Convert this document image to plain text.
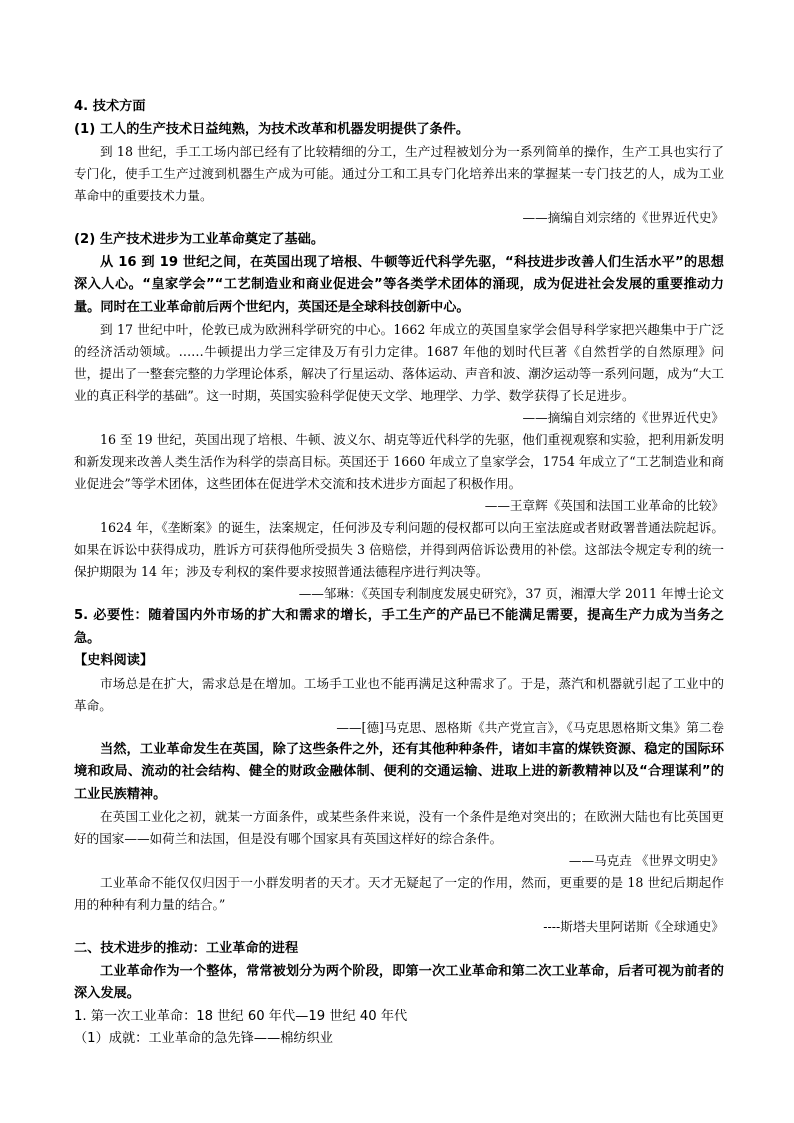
4. 技术方面

(1) 工人的生产技术日益纯熟，为技术改革和机器发明提供了条件。

到 18 世纪，手工工场内部已经有了比较精细的分工，生产过程被划分为一系列简单的操作，生产工具也实行了专门化，使手工生产过渡到机器生产成为可能。通过分工和工具专门化培养出来的掌握某一专门技艺的人，成为工业革命中的重要技术力量。

——摘编自刘宗绪的《世界近代史》

(2) 生产技术进步为工业革命奠定了基础。

从 16 到 19 世纪之间，在英国出现了培根、牛顿等近代科学先驱，“科技进步改善人们生活水平”的思想深入人心。“皇家学会”“工艺制造业和商业促进会”等各类学术团体的涌现，成为促进社会发展的重要推动力量。同时在工业革命前后两个世纪内，英国还是全球科技创新中心。

到 17 世纪中叶，伦敦已成为欧洲科学研究的中心。1662 年成立的英国皇家学会倡导科学家把兴趣集中于广泛的经济活动领域。……牛顿提出力学三定律及万有引力定律。1687 年他的划时代巨著《自然哲学的自然原理》问世，提出了一整套完整的力学理论体系，解决了行星运动、落体运动、声音和波、潮汐运动等一系列问题，成为“大工业的真正科学的基础”。这一时期，英国实验科学促使天文学、地理学、力学、数学获得了长足进步。

——摘编自刘宗绪的《世界近代史》

16 至 19 世纪，英国出现了培根、牛顿、波义尔、胡克等近代科学的先驱，他们重视观察和实验，把利用新发明和新发现来改善人类生活作为科学的崇高目标。英国还于 1660 年成立了皇家学会，1754 年成立了“工艺制造业和商业促进会”等学术团体，这些团体在促进学术交流和技术进步方面起了积极作用。

——王章辉《英国和法国工业革命的比较》

1624 年，《垄断案》的诞生，法案规定，任何涉及专利问题的侵权都可以向王室法庭或者财政署普通法院起诉。如果在诉讼中获得成功，胜诉方可获得他所受损失 3 倍赔偿，并得到两倍诉讼费用的补偿。这部法令规定专利的统一保护期限为 14 年；涉及专利权的案件要求按照普通法德程序进行判决等。

——邹琳：《英国专利制度发展史研究》，37 页，湘潭大学 2011 年博士论文

5. 必要性：随着国内外市场的扩大和需求的增长，手工生产的产品已不能满足需要，提高生产力成为当务之急。

【史料阅读】

市场总是在扩大，需求总是在增加。工场手工业也不能再满足这种需求了。于是，蒸汽和机器就引起了工业中的革命。

——[德]马克思、恩格斯《共产党宣言》，《马克思恩格斯文集》第二卷

当然，工业革命发生在英国，除了这些条件之外，还有其他种种条件，诸如丰富的煤铁资源、稳定的国际环境和政局、流动的社会结构、健全的财政金融体制、便利的交通运输、进取上进的新教精神以及“合理谋利”的工业民族精神。

在英国工业化之初，就某一方面条件，或某些条件来说，没有一个条件是绝对突出的；在欧洲大陆也有比英国更好的国家——如荷兰和法国，但是没有哪个国家具有英国这样好的综合条件。

——马克垚 《世界文明史》

工业革命不能仅仅归因于一小群发明者的天才。天才无疑起了一定的作用，然而，更重要的是 18 世纪后期起作用的种种有利力量的结合。”

----斯塔夫里阿诺斯《全球通史》

二、技术进步的推动：工业革命的进程

工业革命作为一个整体，常常被划分为两个阶段，即第一次工业革命和第二次工业革命，后者可视为前者的深入发展。

1. 第一次工业革命：18 世纪 60 年代—19 世纪 40 年代

（1）成就：工业革命的急先锋——棉纺织业
